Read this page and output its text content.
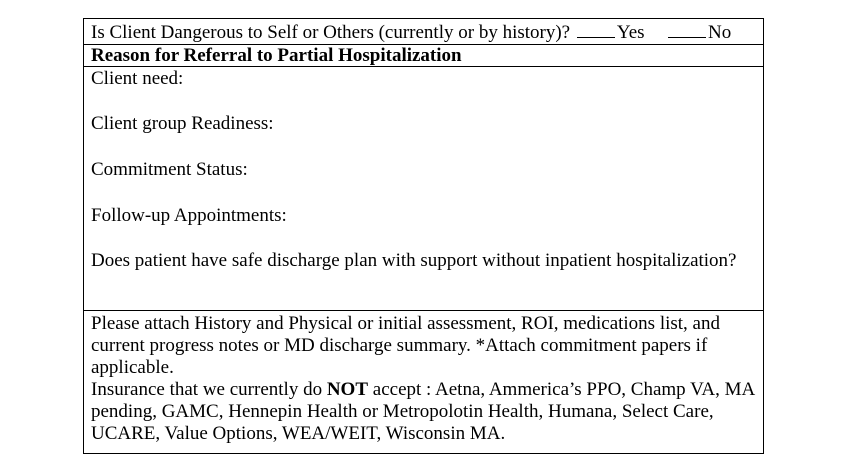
Is Client Dangerous to Self or Others (currently or by history)? Yes	No
Reason for Referral to Partial Hospitalization
Client need:
Client group Readiness:
Commitment Status:
Follow-up Appointments:
Does patient have safe discharge plan with support without inpatient hospitalization?

Please attach History and Physical or initial assessment, ROI, medications list, and current progress notes or MD discharge summary. *Attach commitment papers if applicable.

Insurance that we currently do NOT accept : Aetna, Ammerica’s PPO, Champ VA, MA pending, GAMC, Hennepin Health or Metropolotin Health, Humana, Select Care, UCARE, Value Options, WEA/WEIT, Wisconsin MA.
